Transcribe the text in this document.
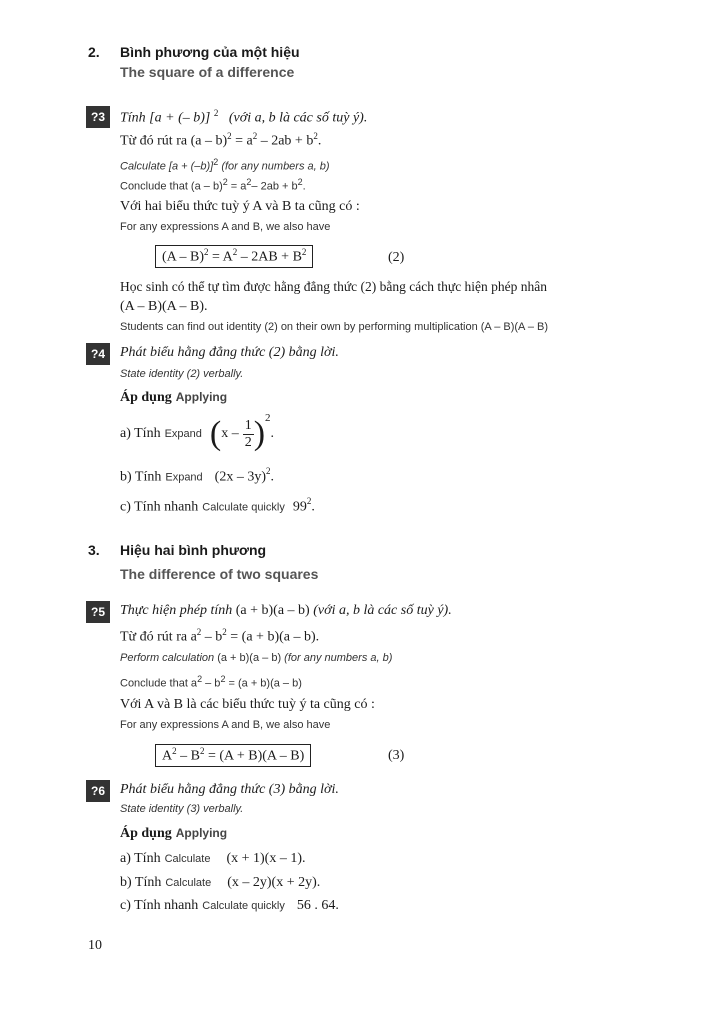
2. Bình phương của một hiệu
The square of a difference
?3	Tính [a + (– b)] $^2$ (với a, b là các số tuỳ ý).
Từ đó rút ra $(a - b)^2 = a^2 - 2ab + b^2$.
Calculate $[a + (-b)]^2$ (for any numbers a, b)
Conclude that $(a - b)^2 = a^2-$ $2ab + b^2$.
Với hai biểu thức tuỳ ý A và B ta cũng có :
For any expressions A and B, we also have
$(A - B)^2 = A^2 - 2AB + B^2$	(2)
Học sinh có thể tự tìm được hằng đẳng thức (2) bằng cách thực hiện phép nhân
(A – B)(A – B).
Students can find out identity (2) on their own by performing multiplication (A – B)(A – B)
?4	Phát biểu hằng đẳng thức (2) bằng lời.
State identity (2) verbally.
Áp dụng Applying
a) Tính
Expand
( x –
$\frac{1}{2}$ ) 2
.
b) Tính Expand (2x – 3y)$^2$.
c) Tính nhanh Calculate quickly $99^2$.
3. Hiệu hai bình phương
The difference of two squares
?5	Thực hiện phép tính (a + b)(a – b) (với a, b là các số tuỳ ý).
Từ đó rút ra $a^2 - b^2 = (a + b)(a - b)$.
Perform calculation (a + b)(a – b) (for any numbers a, b)
Conclude that $a^2 - b^2 = (a + b)(a - b)$
Với A và B là các biểu thức tuỳ ý ta cũng có :
For any expressions A and B, we also have
$A^2 - B^2 = (A + B)(A - B)$	(3)
?6	Phát biểu hằng đẳng thức (3) bằng lời.
State identity (3) verbally.
Áp dụng Applying
a) Tính Calculate (x + 1)(x – 1).
b) Tính Calculate (x – 2y)(x + 2y).
c) Tính nhanh Calculate quickly 56 . 64.
10
